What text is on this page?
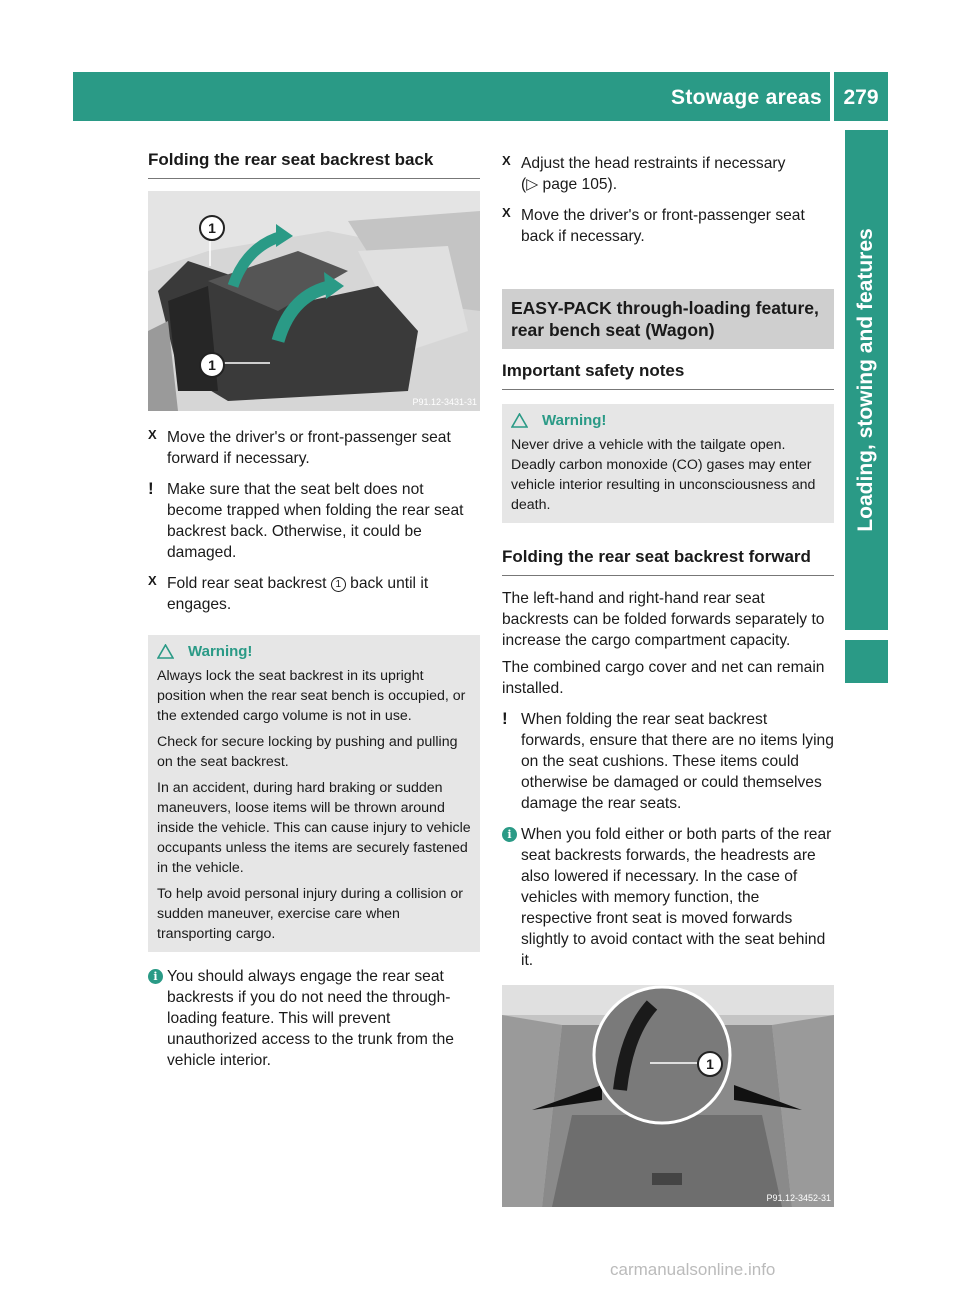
Stowage areas	279
Loading, stowing and features
Folding the rear seat backrest back
1
1
P91.12-3431-31
X Move the driver's or front-passenger seat forward if necessary.

! Make sure that the seat belt does not become trapped when folding the rear seat backrest back. Otherwise, it could be damaged.

X Fold rear seat backrest 1 back until it engages.

Warning!

Always lock the seat backrest in its upright position when the rear seat bench is occupied, or the extended cargo volume is not in use.

Check for secure locking by pushing and pulling on the seat backrest.

In an accident, during hard braking or sudden maneuvers, loose items will be thrown around inside the vehicle. This can cause injury to vehicle occupants unless the items are securely fastened in the vehicle.

To help avoid personal injury during a collision or sudden maneuver, exercise care when transporting cargo.

i You should always engage the rear seat backrests if you do not need the through-loading feature. This will prevent unauthorized access to the trunk from the vehicle interior.

X Adjust the head restraints if necessary
(▷ page 105).

X Move the driver's or front-passenger seat back if necessary.

EASY-PACK through-loading feature, rear bench seat (Wagon)
Important safety notes
Warning!

Never drive a vehicle with the tailgate open. Deadly carbon monoxide (CO) gases may enter vehicle interior resulting in unconsciousness and death.

Folding the rear seat backrest forward

The left-hand and right-hand rear seat backrests can be folded forwards separately to increase the cargo compartment capacity.

The combined cargo cover and net can remain installed.

! When folding the rear seat backrest forwards, ensure that there are no items lying on the seat cushions. These items could otherwise be damaged or could themselves damage the rear seats.

i When you fold either or both parts of the rear seat backrests forwards, the headrests are also lowered if necessary. In the case of vehicles with memory function, the respective front seat is moved forwards slightly to avoid contact with the seat behind it.

1
P91.12-3452-31
carmanualsonline.info
